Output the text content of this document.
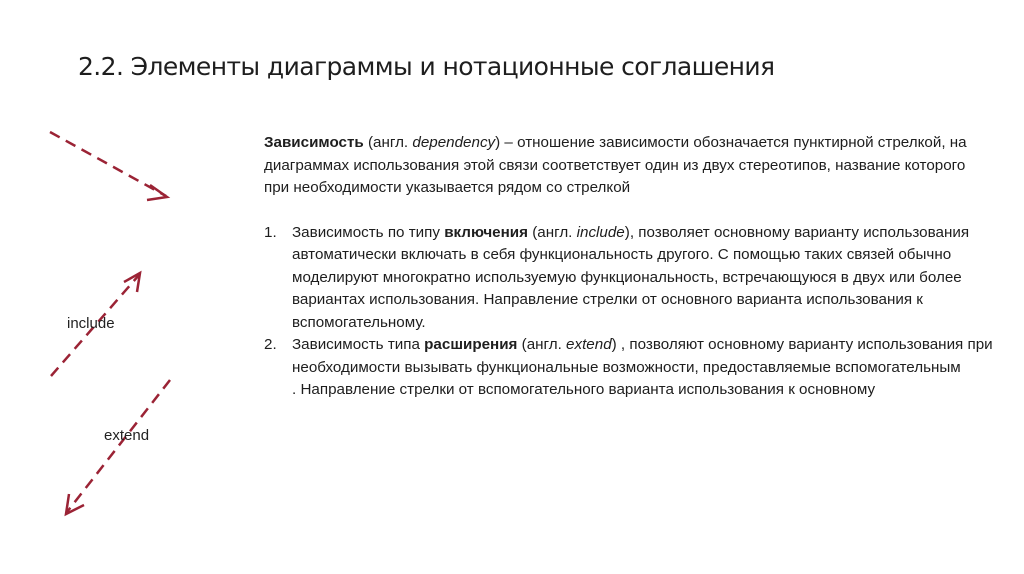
2.2. Элементы диаграммы и нотационные соглашения
include
extend

Зависимость (англ. dependency) – отношение зависимости обозначается пунктирной стрелкой, на диаграммах использования этой связи соответствует один из двух стереотипов, название которого при необходимости указывается рядом со стрелкой

1. Зависимость по типу включения (англ. include), позволяет основному варианту использования автоматически включать в себя функциональность другого. С помощью таких связей обычно моделируют многократно используемую функциональность, встречающуюся в двух или более вариантах использования. Направление стрелки от основного варианта использования к вспомогательному.
2. Зависимость типа расширения (англ. extend) , позволяют основному варианту использования при необходимости вызывать функциональные возможности, предоставляемые вспомогательным
. Направление стрелки от вспомогательного варианта использования к основному
